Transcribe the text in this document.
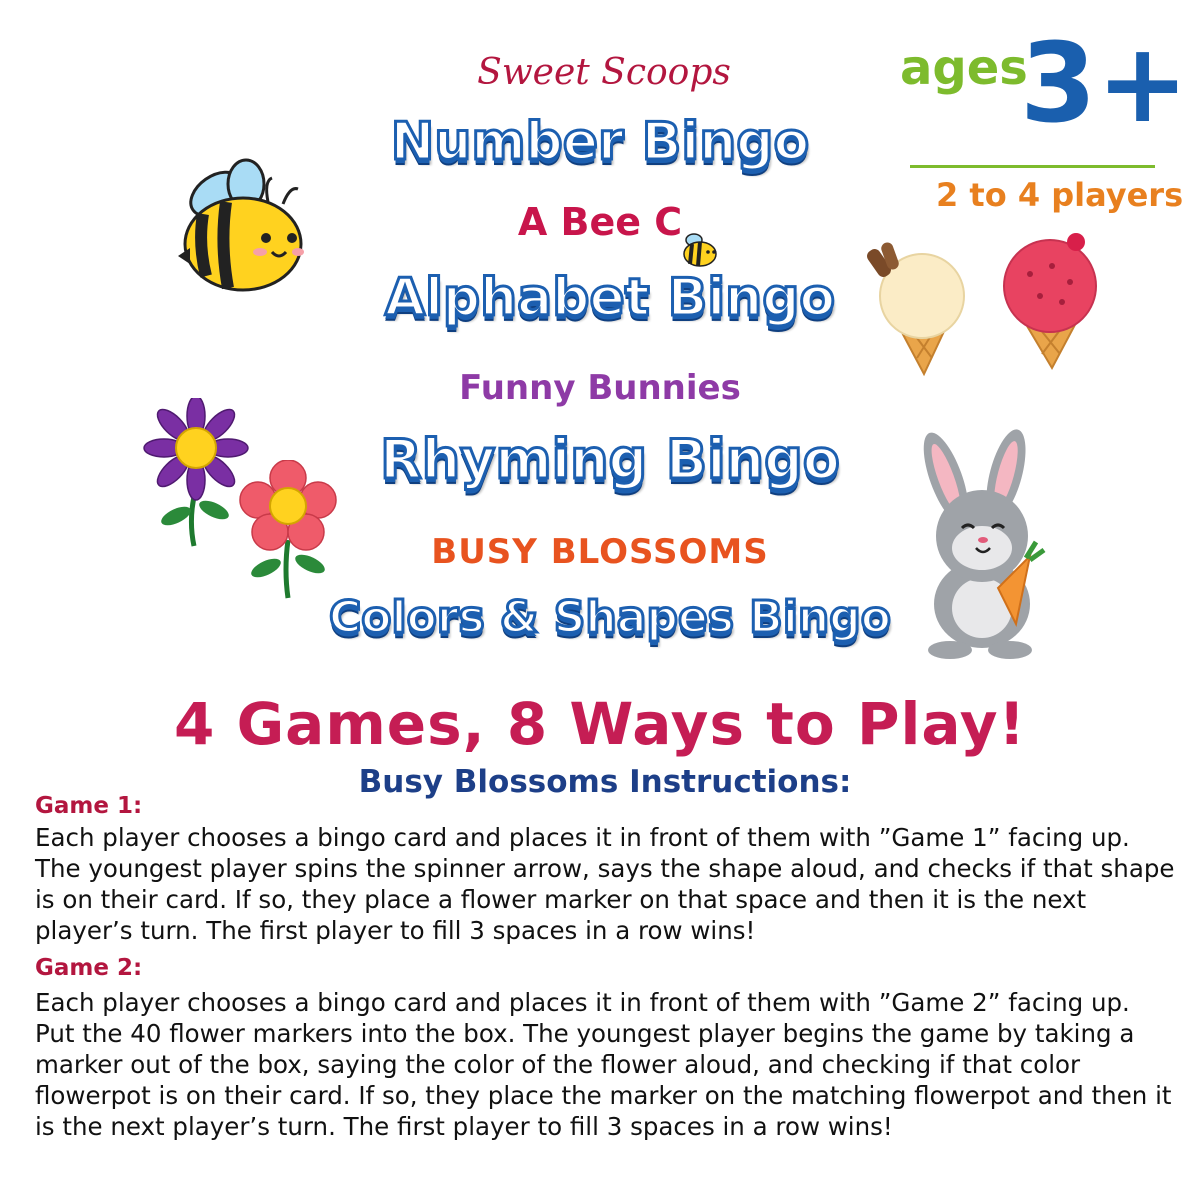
Sweet Scoops
Number Bingo
A Bee C
Alphabet Bingo
Funny Bunnies
Rhyming Bingo
BUSY BLOSSOMS
Colors & Shapes Bingo
ages
3+
2 to 4 players
4 Games, 8 Ways to Play!
Busy Blossoms Instructions:
Game 1:
Each player chooses a bingo card and places it in front of them with ”Game 1” facing up. The youngest player spins the spinner arrow, says the shape aloud, and checks if that shape is on their card. If so, they place a flower marker on that space and then it is the next player’s turn. The first player to fill 3 spaces in a row wins!
Game 2:
Each player chooses a bingo card and places it in front of them with ”Game 2” facing up. Put the 40 flower markers into the box. The youngest player begins the game by taking a marker out of the box, saying the color of the flower aloud, and checking if that color flowerpot is on their card. If so, they place the marker on the matching flowerpot and then it is the next player’s turn. The first player to fill 3 spaces in a row wins!
